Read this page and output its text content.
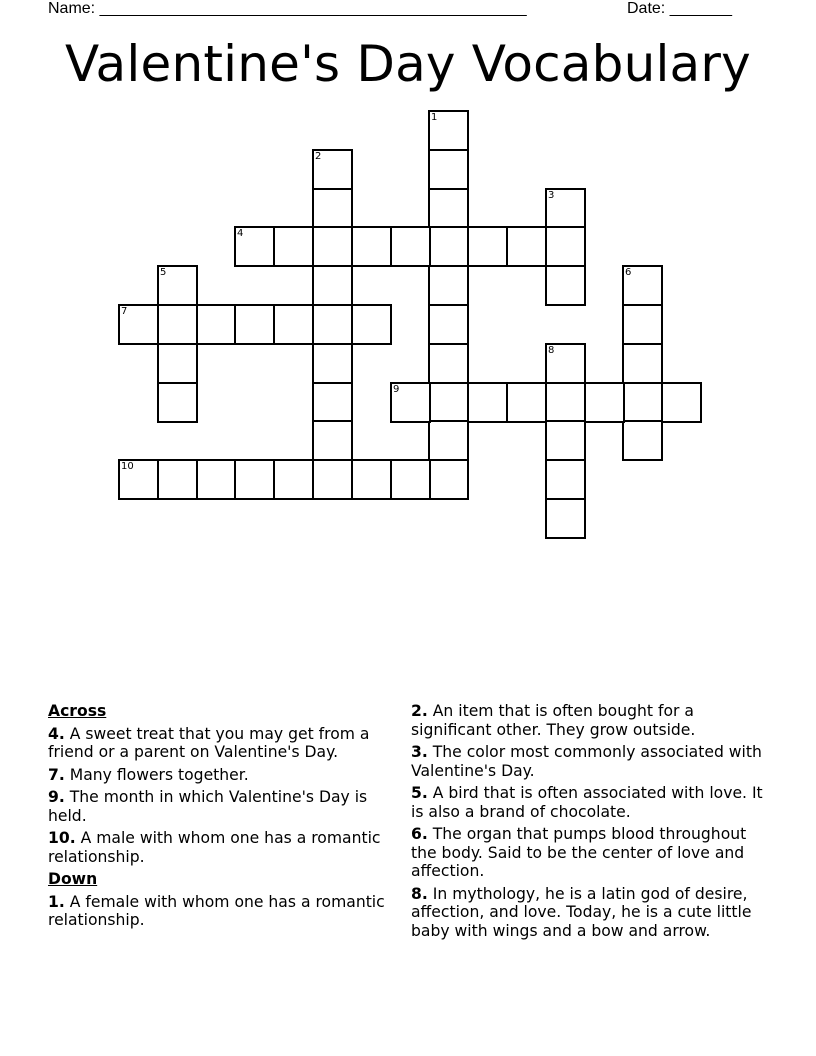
Name: ________________________________________________	Date: _______
Valentine's Day Vocabulary
1
2
3
4
5	6
7
8
9
10
Across
4. A sweet treat that you may get from a friend or a parent on Valentine's Day.
7. Many flowers together.
9. The month in which Valentine's Day is held.
10. A male with whom one has a romantic relationship.
Down
1. A female with whom one has a romantic relationship.
2. An item that is often bought for a significant other. They grow outside.
3. The color most commonly associated with Valentine's Day.
5. A bird that is often associated with love. It is also a brand of chocolate.
6. The organ that pumps blood throughout the body. Said to be the center of love and affection.
8. In mythology, he is a latin god of desire, affection, and love. Today, he is a cute little baby with wings and a bow and arrow.
